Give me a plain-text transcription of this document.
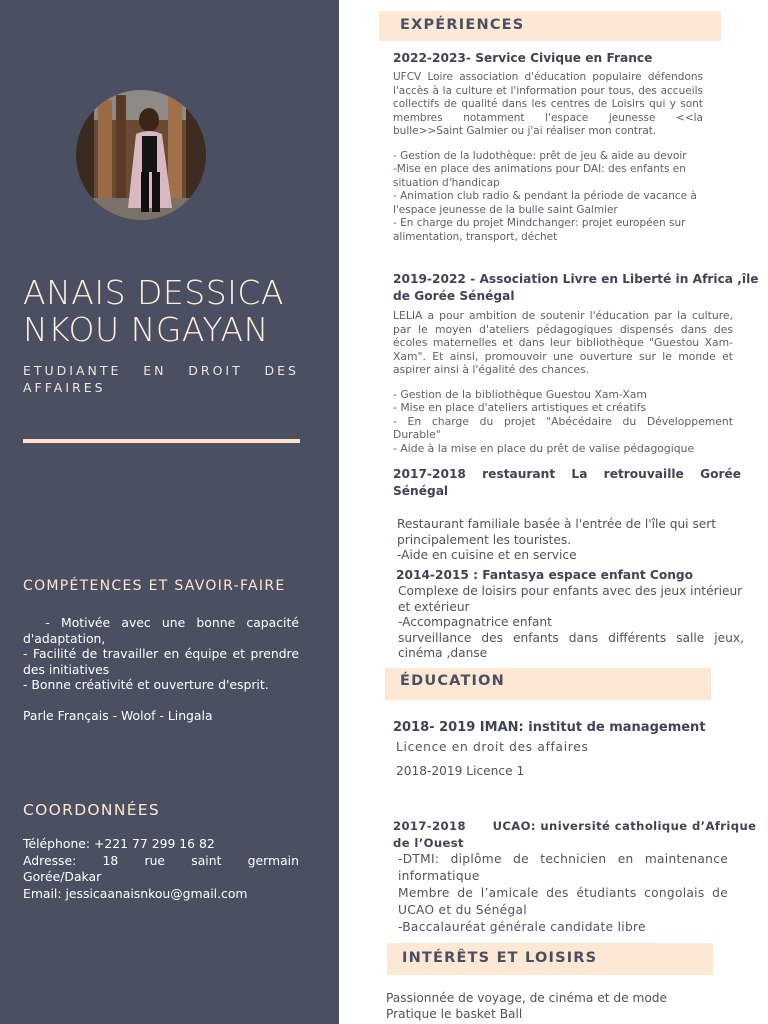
ANAIS DESSICA
NKOU NGAYAN

ETUDIANTE EN DROIT DES AFFAIRES

COMPÉTENCES ET SAVOIR-FAIRE

- Motivée avec une bonne capacité d'adaptation,

- Facilité de travailler en équipe et prendre des initiatives

- Bonne créativité et ouverture d'esprit.

Parle Français - Wolof - Lingala

COORDONNÉES

Téléphone: +221 77 299 16 82

Adresse: 18 rue saint germain

Gorée/Dakar

Email: jessicaanaisnkou@gmail.com

EXPÉRIENCES

2022-2023- Service Civique en France

UFCV Loire association d'éducation populaire défendons l'accès à la culture et l'information pour tous, des accueils collectifs de qualité dans les centres de Loisirs qui y sont membres notamment l'espace jeunesse <<la bulle>>Saint Galmier ou j'ai réaliser mon contrat.

- Gestion de la ludothèque: prêt de jeu & aide au devoir

-Mise en place des animations pour DAI: des enfants en situation d'handicap

- Animation club radio & pendant la période de vacance à l'espace jeunesse de la bulle saint Galmier

- En charge du projet Mindchanger: projet européen sur alimentation, transport, déchet

2019-2022 - Association Livre en Liberté in Africa ,île de Gorée Sénégal

LELIA a pour ambition de soutenir l'éducation par la culture, par le moyen d'ateliers pédagogiques dispensés dans des écoles maternelles et dans leur bibliothèque "Guestou Xam-Xam". Et ainsi, promouvoir une ouverture sur le monde et aspirer ainsi à l'égalité des chances.

- Gestion de la bibliothèque Guestou Xam-Xam

- Mise en place d'ateliers artistiques et créatifs

- En charge du projet "Abécédaire du Développement Durable"

- Aide à la mise en place du prêt de valise pédagogique

2017-2018 restaurant La retrouvaille Gorée Sénégal

Restaurant familiale basée à l'entrée de l'île qui sert principalement les touristes.

-Aide en cuisine et en service

2014-2015 : Fantasya espace enfant Congo

Complexe de loisirs pour enfants avec des jeux intérieur et extérieur

-Accompagnatrice enfant

surveillance des enfants dans différents salle jeux, cinéma ,danse

ÉDUCATION

2018- 2019 IMAN: institut de management

Licence en droit des affaires

2018-2019 Licence 1

2017-2018      UCAO: université catholique d’Afrique de l’Ouest

-DTMI: diplôme de technicien en maintenance informatique

Membre de l’amicale des étudiants congolais de UCAO et du Sénégal

-Baccalauréat générale candidate libre

INTÉRÊTS ET LOISIRS

Passionnée de voyage, de cinéma et de mode

Pratique le basket Ball
